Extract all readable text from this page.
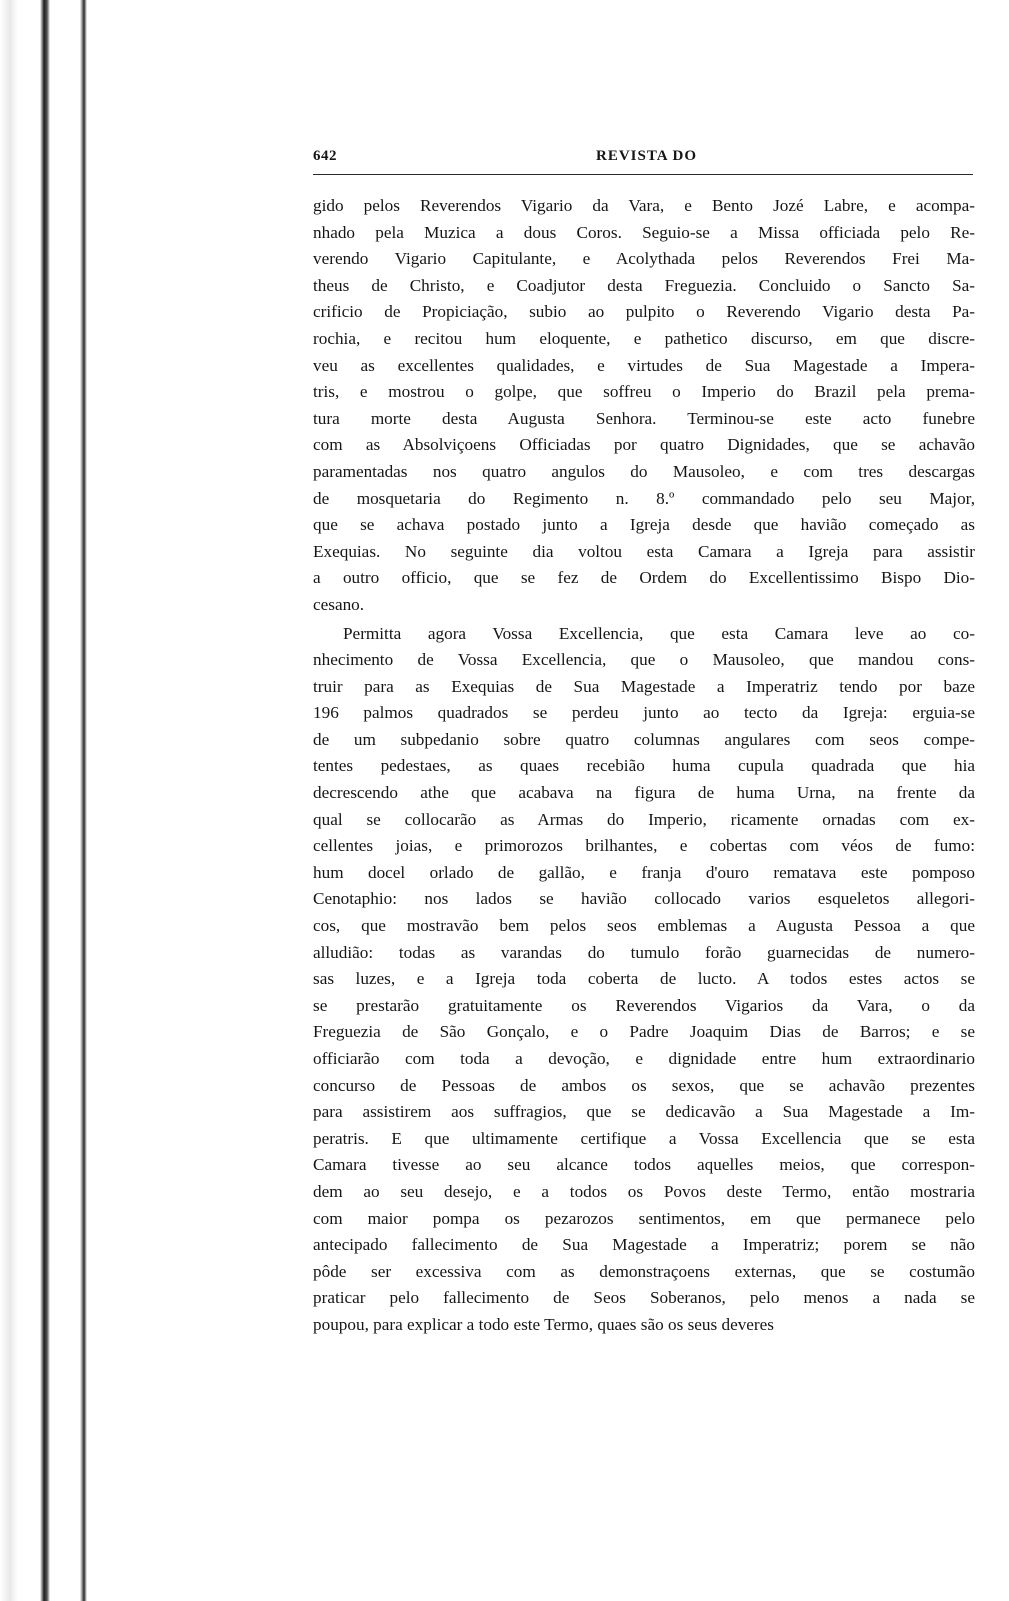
642	REVISTA DO
gido pelos Reverendos Vigario da Vara, e Bento Jozé Labre, e acompa-
nhado pela Muzica a dous Coros. Seguio-se a Missa officiada pelo Re-
verendo Vigario Capitulante, e Acolythada pelos Reverendos Frei Ma-
theus de Christo, e Coadjutor desta Freguezia. Concluido o Sancto Sa-
crificio de Propiciação, subio ao pulpito o Reverendo Vigario desta Pa-
rochia, e recitou hum eloquente, e pathetico discurso, em que discre-
veu as excellentes qualidades, e virtudes de Sua Magestade a Impera-
tris, e mostrou o golpe, que soffreu o Imperio do Brazil pela prema-
tura morte desta Augusta Senhora. Terminou-se este acto funebre
com as Absolviçoens Officiadas por quatro Dignidades, que se achavão
paramentadas nos quatro angulos do Mausoleo, e com tres descargas
de mosquetaria do Regimento n. 8.º commandado pelo seu Major,
que se achava postado junto a Igreja desde que havião começado as
Exequias. No seguinte dia voltou esta Camara a Igreja para assistir
a outro officio, que se fez de Ordem do Excellentissimo Bispo Dio-
cesano.
Permitta agora Vossa Excellencia, que esta Camara leve ao co-
nhecimento de Vossa Excellencia, que o Mausoleo, que mandou cons-
truir para as Exequias de Sua Magestade a Imperatriz tendo por baze
196 palmos quadrados se perdeu junto ao tecto da Igreja: erguia-se
de um subpedanio sobre quatro columnas angulares com seos compe-
tentes pedestaes, as quaes recebião huma cupula quadrada que hia
decrescendo athe que acabava na figura de huma Urna, na frente da
qual se collocarão as Armas do Imperio, ricamente ornadas com ex-
cellentes joias, e primorozos brilhantes, e cobertas com véos de fumo:
hum docel orlado de gallão, e franja d'ouro rematava este pomposo
Cenotaphio: nos lados se havião collocado varios esqueletos allegori-
cos, que mostravão bem pelos seos emblemas a Augusta Pessoa a que
alludião: todas as varandas do tumulo forão guarnecidas de numero-
sas luzes, e a Igreja toda coberta de lucto. A todos estes actos se
se prestarão gratuitamente os Reverendos Vigarios da Vara, o da
Freguezia de São Gonçalo, e o Padre Joaquim Dias de Barros; e se
officiarão com toda a devoção, e dignidade entre hum extraordinario
concurso de Pessoas de ambos os sexos, que se achavão prezentes
para assistirem aos suffragios, que se dedicavão a Sua Magestade a Im-
peratris. E que ultimamente certifique a Vossa Excellencia que se esta
Camara tivesse ao seu alcance todos aquelles meios, que correspon-
dem ao seu desejo, e a todos os Povos deste Termo, então mostraria
com maior pompa os pezarozos sentimentos, em que permanece pelo
antecipado fallecimento de Sua Magestade a Imperatriz; porem se não
pôde ser excessiva com as demonstraçoens externas, que se costumão
praticar pelo fallecimento de Seos Soberanos, pelo menos a nada se
poupou, para explicar a todo este Termo, quaes são os seus deveres
